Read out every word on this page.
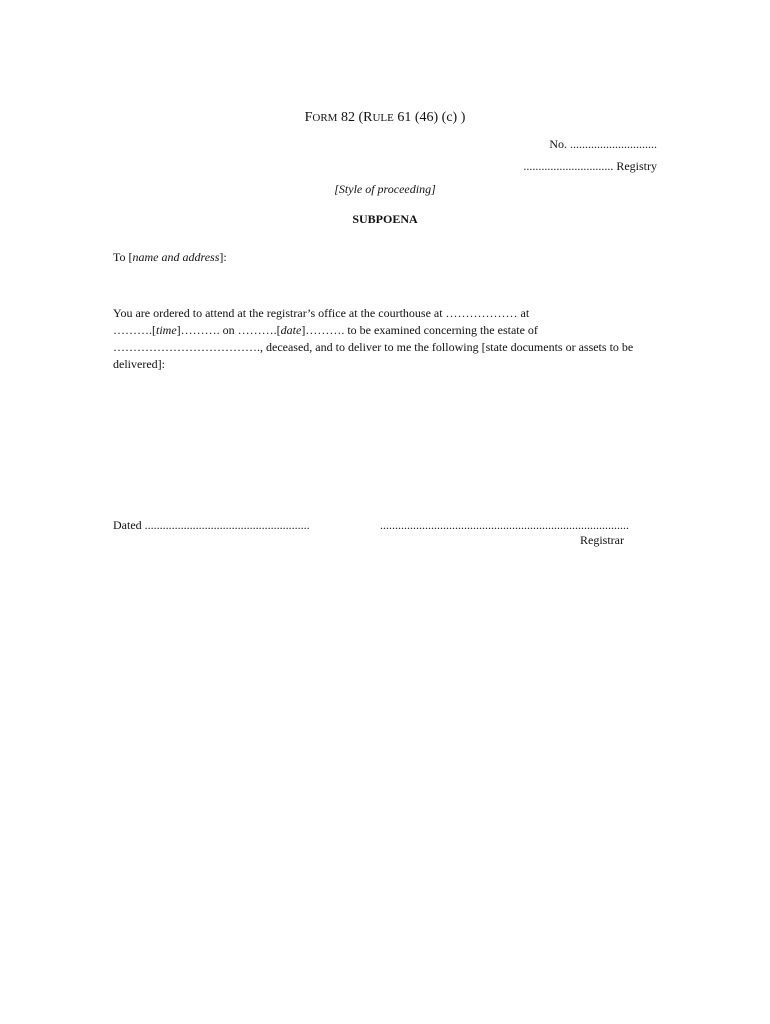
FORM 82 (RULE 61 (46) (c) )
No. .............................
.............................. Registry
[Style of proceeding]
SUBPOENA
To [name and address]:
You are ordered to attend at the registrar’s office at the courthouse at ……………… at
……….[time]………. on ……….[date]………. to be examined concerning the estate of
………………………………., deceased, and to deliver to me the following [state documents or assets to be
delivered]:
Dated .......................................................	...................................................................................
Registrar
